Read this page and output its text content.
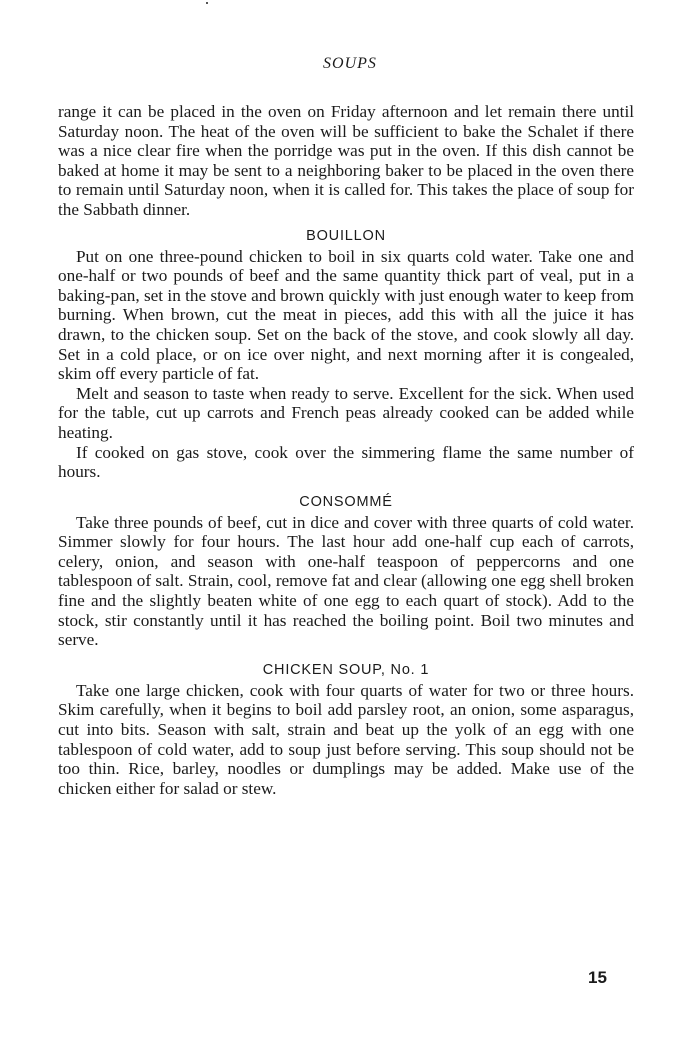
SOUPS

range it can be placed in the oven on Friday afternoon and let remain there until Saturday noon. The heat of the oven will be sufficient to bake the Schalet if there was a nice clear fire when the porridge was put in the oven. If this dish cannot be baked at home it may be sent to a neighboring baker to be placed in the oven there to remain until Saturday noon, when it is called for. This takes the place of soup for the Sabbath dinner.

BOUILLON

Put on one three-pound chicken to boil in six quarts cold water. Take one and one-half or two pounds of beef and the same quantity thick part of veal, put in a baking-pan, set in the stove and brown quickly with just enough water to keep from burning. When brown, cut the meat in pieces, add this with all the juice it has drawn, to the chicken soup. Set on the back of the stove, and cook slowly all day. Set in a cold place, or on ice over night, and next morning after it is congealed, skim off every particle of fat.

Melt and season to taste when ready to serve. Excellent for the sick. When used for the table, cut up carrots and French peas already cooked can be added while heating.

If cooked on gas stove, cook over the simmering flame the same number of hours.

CONSOMMÉ

Take three pounds of beef, cut in dice and cover with three quarts of cold water. Simmer slowly for four hours. The last hour add one-half cup each of carrots, celery, onion, and season with one-half teaspoon of peppercorns and one tablespoon of salt. Strain, cool, remove fat and clear (allowing one egg shell broken fine and the slightly beaten white of one egg to each quart of stock). Add to the stock, stir constantly until it has reached the boiling point. Boil two minutes and serve.

CHICKEN SOUP, No. 1

Take one large chicken, cook with four quarts of water for two or three hours. Skim carefully, when it begins to boil add parsley root, an onion, some asparagus, cut into bits. Season with salt, strain and beat up the yolk of an egg with one tablespoon of cold water, add to soup just before serving. This soup should not be too thin. Rice, barley, noodles or dumplings may be added. Make use of the chicken either for salad or stew.

15
